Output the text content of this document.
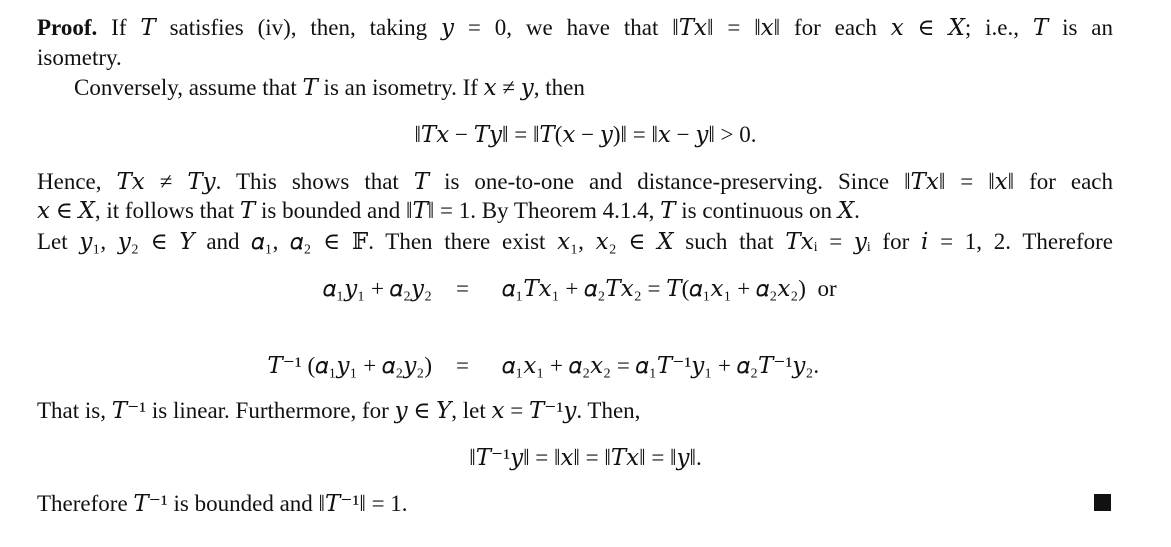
Proof. If 𝑇 satisfies (iv), then, taking 𝑦 = 0, we have that ‖𝑇𝑥‖ = ‖𝑥‖ for each 𝑥 ∈ 𝑋; i.e., 𝑇 is an
isometry.
Conversely, assume that 𝑇 is an isometry. If 𝑥 ≠ 𝑦, then
‖𝑇𝑥 − 𝑇𝑦‖ = ‖𝑇(𝑥 − 𝑦)‖ = ‖𝑥 − 𝑦‖ > 0.
Hence, 𝑇𝑥 ≠ 𝑇𝑦. This shows that 𝑇 is one-to-one and distance-preserving. Since ‖𝑇𝑥‖ = ‖𝑥‖ for each
𝑥 ∈ 𝑋, it follows that 𝑇 is bounded and ‖𝑇‖ = 1. By Theorem 4.1.4, 𝑇 is continuous on 𝑋.
Let 𝑦₁, 𝑦₂ ∈ 𝑌 and 𝛼₁, 𝛼₂ ∈ 𝔽. Then there exist 𝑥₁, 𝑥₂ ∈ 𝑋 such that 𝑇𝑥ᵢ = 𝑦ᵢ for 𝑖 = 1, 2. Therefore
𝛼₁𝑦₁ + 𝛼₂𝑦₂ = 𝛼₁𝑇𝑥₁ + 𝛼₂𝑇𝑥₂ = 𝑇(𝛼₁𝑥₁ + 𝛼₂𝑥₂)  or
𝑇⁻¹ (𝛼₁𝑦₁ + 𝛼₂𝑦₂) = 𝛼₁𝑥₁ + 𝛼₂𝑥₂ = 𝛼₁𝑇⁻¹𝑦₁ + 𝛼₂𝑇⁻¹𝑦₂.
That is, 𝑇⁻¹ is linear. Furthermore, for 𝑦 ∈ 𝑌, let 𝑥 = 𝑇⁻¹𝑦. Then,
‖𝑇⁻¹𝑦‖ = ‖𝑥‖ = ‖𝑇𝑥‖ = ‖𝑦‖.
Therefore 𝑇⁻¹ is bounded and ‖𝑇⁻¹‖ = 1.
